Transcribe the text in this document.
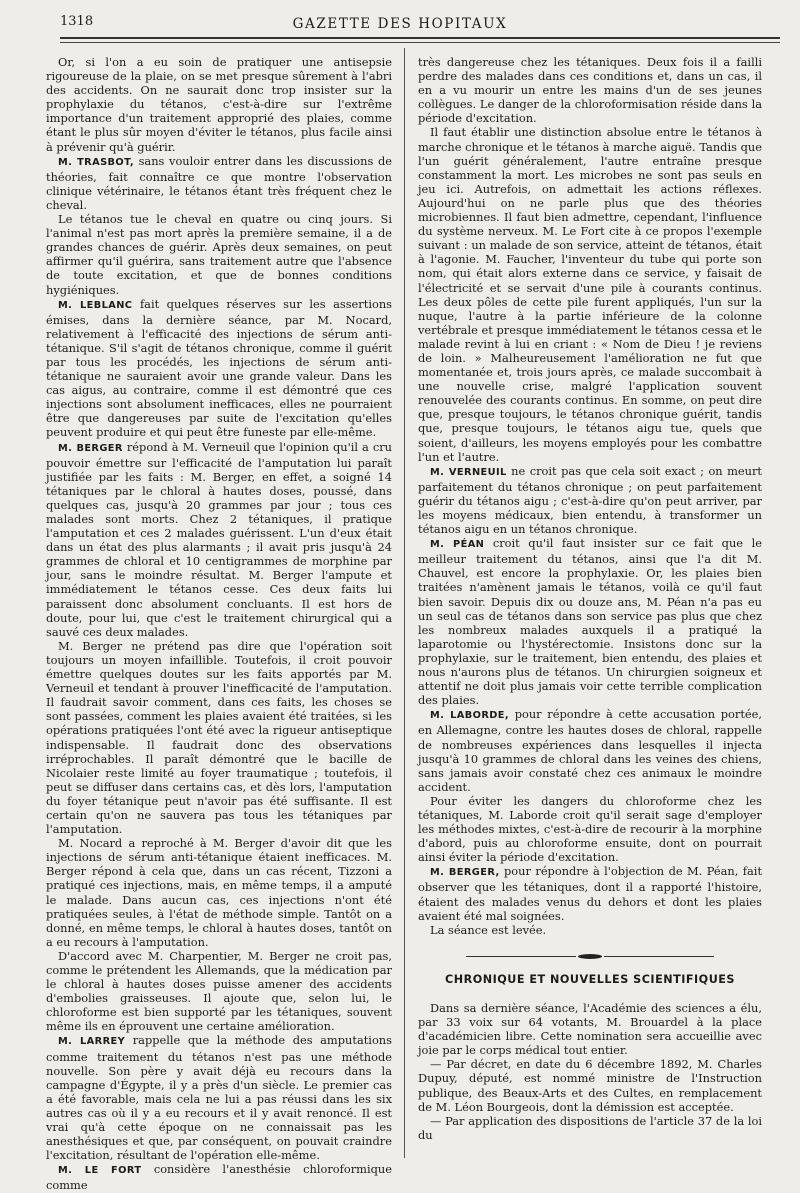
1318	GAZETTE DES HOPITAUX

Or, si l'on a eu soin de pratiquer une antisepsie rigoureuse de la plaie, on se met presque sûrement à l'abri des accidents. On ne saurait donc trop insister sur la prophylaxie du tétanos, c'est-à-dire sur l'extrême importance d'un traitement approprié des plaies, comme étant le plus sûr moyen d'éviter le tétanos, plus facile ainsi à prévenir qu'à guérir.

M. TRASBOT, sans vouloir entrer dans les discussions de théories, fait connaître ce que montre l'observation clinique vétérinaire, le tétanos étant très fréquent chez le cheval.

Le tétanos tue le cheval en quatre ou cinq jours. Si l'animal n'est pas mort après la première semaine, il a de grandes chances de guérir. Après deux semaines, on peut affirmer qu'il guérira, sans traitement autre que l'absence de toute excitation, et que de bonnes conditions hygiéniques.

M. LEBLANC fait quelques réserves sur les assertions émises, dans la dernière séance, par M. Nocard, relativement à l'efficacité des injections de sérum anti-tétanique. S'il s'agit de tétanos chronique, comme il guérit par tous les procédés, les injections de sérum anti-tétanique ne sauraient avoir une grande valeur. Dans les cas aigus, au contraire, comme il est démontré que ces injections sont absolument inefficaces, elles ne pourraient être que dangereuses par suite de l'excitation qu'elles peuvent produire et qui peut être funeste par elle-même.

M. BERGER répond à M. Verneuil que l'opinion qu'il a cru pouvoir émettre sur l'efficacité de l'amputation lui paraît justifiée par les faits : M. Berger, en effet, a soigné 14 tétaniques par le chloral à hautes doses, poussé, dans quelques cas, jusqu'à 20 grammes par jour ; tous ces malades sont morts. Chez 2 tétaniques, il pratique l'amputation et ces 2 malades guérissent. L'un d'eux était dans un état des plus alarmants ; il avait pris jusqu'à 24 grammes de chloral et 10 centigrammes de morphine par jour, sans le moindre résultat. M. Berger l'ampute et immédiatement le tétanos cesse. Ces deux faits lui paraissent donc absolument concluants. Il est hors de doute, pour lui, que c'est le traitement chirurgical qui a sauvé ces deux malades.

M. Berger ne prétend pas dire que l'opération soit toujours un moyen infaillible. Toutefois, il croit pouvoir émettre quelques doutes sur les faits apportés par M. Verneuil et tendant à prouver l'inefficacité de l'amputation. Il faudrait savoir comment, dans ces faits, les choses se sont passées, comment les plaies avaient été traitées, si les opérations pratiquées l'ont été avec la rigueur antiseptique indispensable. Il faudrait donc des observations irréprochables. Il paraît démontré que le bacille de Nicolaier reste limité au foyer traumatique ; toutefois, il peut se diffuser dans certains cas, et dès lors, l'amputation du foyer tétanique peut n'avoir pas été suffisante. Il est certain qu'on ne sauvera pas tous les tétaniques par l'amputation.

M. Nocard a reproché à M. Berger d'avoir dit que les injections de sérum anti-tétanique étaient inefficaces. M. Berger répond à cela que, dans un cas récent, Tizzoni a pratiqué ces injections, mais, en même temps, il a amputé le malade. Dans aucun cas, ces injections n'ont été pratiquées seules, à l'état de méthode simple. Tantôt on a donné, en même temps, le chloral à hautes doses, tantôt on a eu recours à l'amputation.

D'accord avec M. Charpentier, M. Berger ne croit pas, comme le prétendent les Allemands, que la médication par le chloral à hautes doses puisse amener des accidents d'embolies graisseuses. Il ajoute que, selon lui, le chloroforme est bien supporté par les tétaniques, souvent même ils en éprouvent une certaine amélioration.

M. LARREY rappelle que la méthode des amputations comme traitement du tétanos n'est pas une méthode nouvelle. Son père y avait déjà eu recours dans la campagne d'Égypte, il y a près d'un siècle. Le premier cas a été favorable, mais cela ne lui a pas réussi dans les six autres cas où il y a eu recours et il y avait renoncé. Il est vrai qu'à cette époque on ne connaissait pas les anesthésiques et que, par conséquent, on pouvait craindre l'excitation, résultant de l'opération elle-même.

M. LE FORT considère l'anesthésie chloroformique comme

très dangereuse chez les tétaniques. Deux fois il a failli perdre des malades dans ces conditions et, dans un cas, il en a vu mourir un entre les mains d'un de ses jeunes collègues. Le danger de la chloroformisation réside dans la période d'excitation.

Il faut établir une distinction absolue entre le tétanos à marche chronique et le tétanos à marche aiguë. Tandis que l'un guérit généralement, l'autre entraîne presque constamment la mort. Les microbes ne sont pas seuls en jeu ici. Autrefois, on admettait les actions réflexes. Aujourd'hui on ne parle plus que des théories microbiennes. Il faut bien admettre, cependant, l'influence du système nerveux. M. Le Fort cite à ce propos l'exemple suivant : un malade de son service, atteint de tétanos, était à l'agonie. M. Faucher, l'inventeur du tube qui porte son nom, qui était alors externe dans ce service, y faisait de l'électricité et se servait d'une pile à courants continus. Les deux pôles de cette pile furent appliqués, l'un sur la nuque, l'autre à la partie inférieure de la colonne vertébrale et presque immédiatement le tétanos cessa et le malade revint à lui en criant : « Nom de Dieu ! je reviens de loin. » Malheureusement l'amélioration ne fut que momentanée et, trois jours après, ce malade succombait à une nouvelle crise, malgré l'application souvent renouvelée des courants continus. En somme, on peut dire que, presque toujours, le tétanos chronique guérit, tandis que, presque toujours, le tétanos aigu tue, quels que soient, d'ailleurs, les moyens employés pour les combattre l'un et l'autre.

M. VERNEUIL ne croit pas que cela soit exact ; on meurt parfaitement du tétanos chronique ; on peut parfaitement guérir du tétanos aigu ; c'est-à-dire qu'on peut arriver, par les moyens médicaux, bien entendu, à transformer un tétanos aigu en un tétanos chronique.

M. PÉAN croit qu'il faut insister sur ce fait que le meilleur traitement du tétanos, ainsi que l'a dit M. Chauvel, est encore la prophylaxie. Or, les plaies bien traitées n'amènent jamais le tétanos, voilà ce qu'il faut bien savoir. Depuis dix ou douze ans, M. Péan n'a pas eu un seul cas de tétanos dans son service pas plus que chez les nombreux malades auxquels il a pratiqué la laparotomie ou l'hystérectomie. Insistons donc sur la prophylaxie, sur le traitement, bien entendu, des plaies et nous n'aurons plus de tétanos. Un chirurgien soigneux et attentif ne doit plus jamais voir cette terrible complication des plaies.

M. LABORDE, pour répondre à cette accusation portée, en Allemagne, contre les hautes doses de chloral, rappelle de nombreuses expériences dans lesquelles il injecta jusqu'à 10 grammes de chloral dans les veines des chiens, sans jamais avoir constaté chez ces animaux le moindre accident.

Pour éviter les dangers du chloroforme chez les tétaniques, M. Laborde croit qu'il serait sage d'employer les méthodes mixtes, c'est-à-dire de recourir à la morphine d'abord, puis au chloroforme ensuite, dont on pourrait ainsi éviter la période d'excitation.

M. BERGER, pour répondre à l'objection de M. Péan, fait observer que les tétaniques, dont il a rapporté l'histoire, étaient des malades venus du dehors et dont les plaies avaient été mal soignées.

La séance est levée.

CHRONIQUE ET NOUVELLES SCIENTIFIQUES

Dans sa dernière séance, l'Académie des sciences a élu, par 33 voix sur 64 votants, M. Brouardel à la place d'académicien libre. Cette nomination sera accueillie avec joie par le corps médical tout entier.

— Par décret, en date du 6 décembre 1892, M. Charles Dupuy, député, est nommé ministre de l'Instruction publique, des Beaux-Arts et des Cultes, en remplacement de M. Léon Bourgeois, dont la démission est acceptée.

— Par application des dispositions de l'article 37 de la loi du
